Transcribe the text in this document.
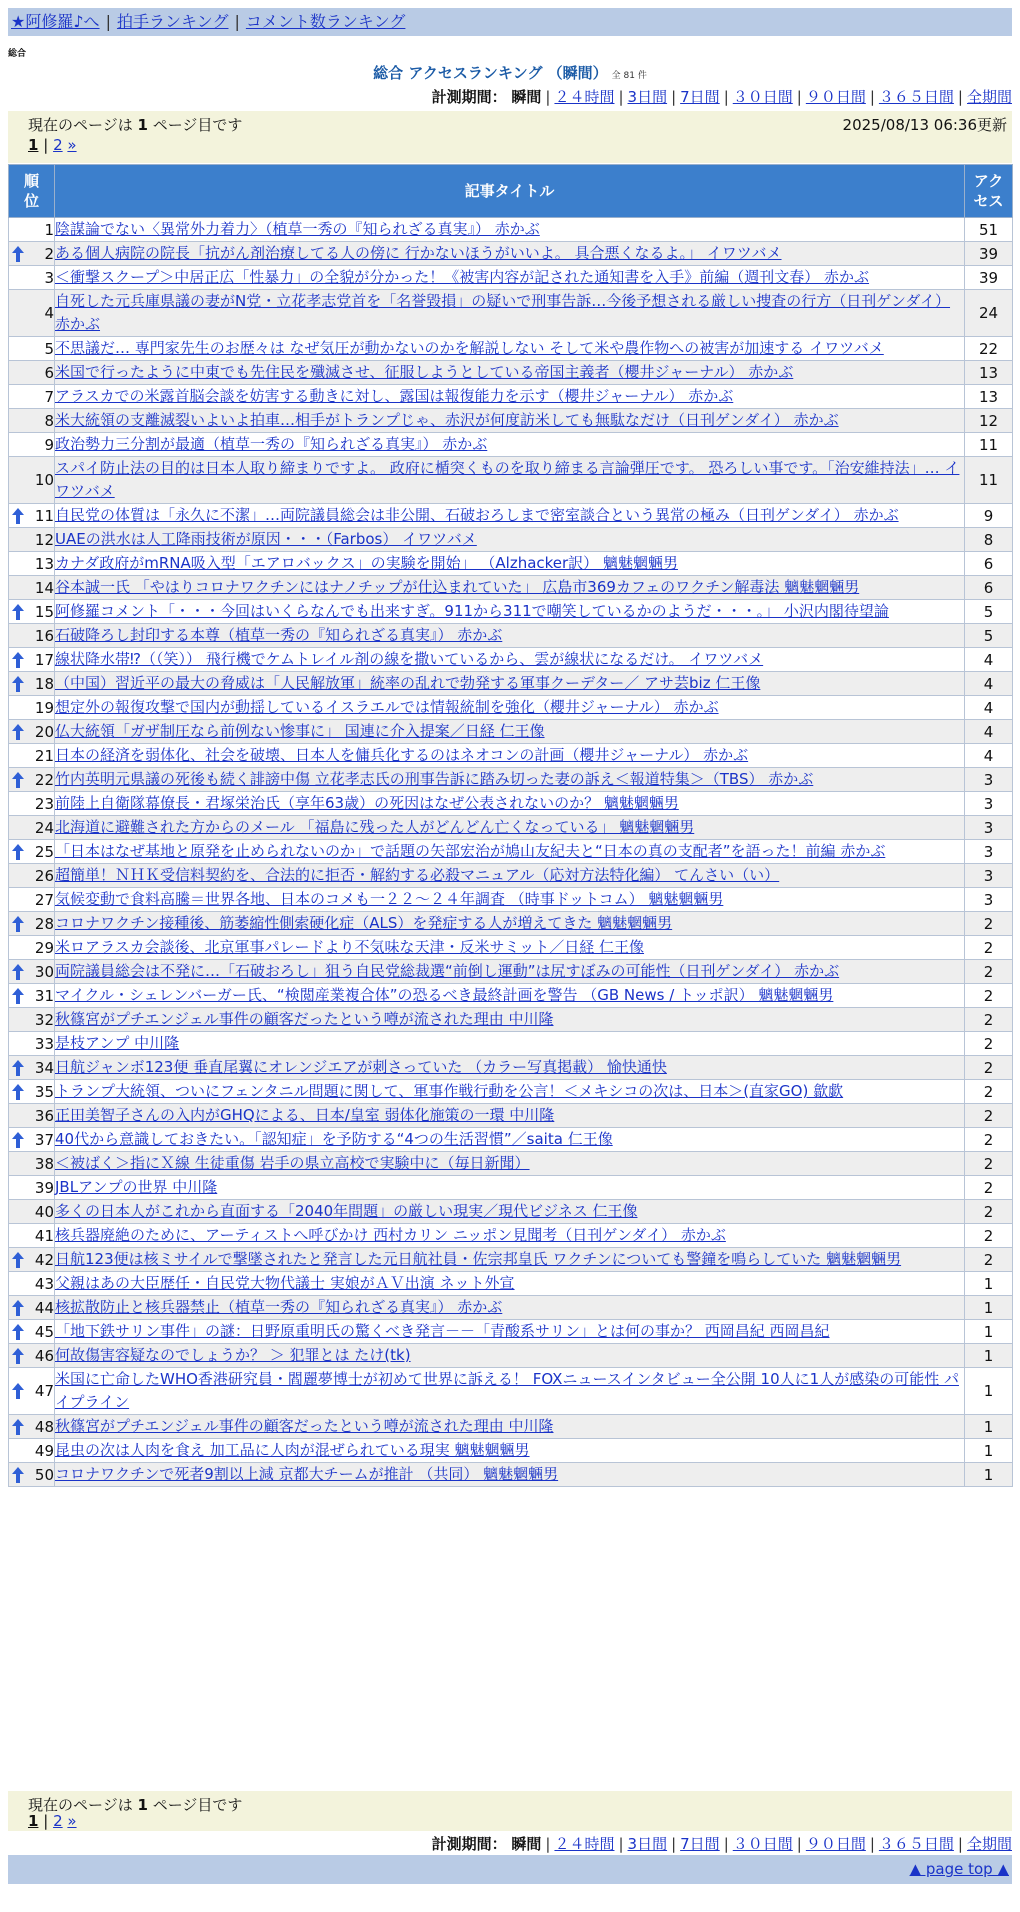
★阿修羅♪へ | 拍手ランキング | コメント数ランキング
総合
総合 アクセスランキング （瞬間） 全 81 件
計測期間： 瞬間 | ２４時間 | 3日間 | 7日間 | ３０日間 | ９０日間 | ３６５日間 | 全期間
現在のページは 1 ページ目です	2025/08/13 06:36更新
1 | 2 »
順位	記事タイトル	アクセス
1	陰謀論でない〈異常外力着力〉（植草一秀の『知られざる真実』） 赤かぶ	51

2	ある個人病院の院長「抗がん剤治療してる人の傍に 行かないほうがいいよ。 具合悪くなるよ。」 イワツバメ	39
3	＜衝撃スクープ＞中居正広「性暴力」の全貌が分かった！《被害内容が記された通知書を入手》前編（週刊文春） 赤かぶ	39
4	自死した元兵庫県議の妻がN党・立花孝志党首を「名誉毀損」の疑いで刑事告訴…今後予想される厳しい捜査の行方（日刊ゲンダイ） 赤かぶ	24
5	不思議だ… 専門家先生のお歴々は なぜ気圧が動かないのかを解説しない そして米や農作物への被害が加速する イワツバメ	22
6	米国で行ったように中東でも先住民を殲滅させ、征服しようとしている帝国主義者（櫻井ジャーナル） 赤かぶ	13
7	アラスカでの米露首脳会談を妨害する動きに対し、露国は報復能力を示す（櫻井ジャーナル） 赤かぶ	13
8	米大統領の支離滅裂いよいよ拍車…相手がトランプじゃ、赤沢が何度訪米しても無駄なだけ（日刊ゲンダイ） 赤かぶ	12
9	政治勢力三分割が最適（植草一秀の『知られざる真実』） 赤かぶ	11
10	スパイ防止法の目的は日本人取り締まりですよ。 政府に楯突くものを取り締まる言論弾圧です。 恐ろしい事です。「治安維持法」… イワツバメ	11

11	自民党の体質は「永久に不潔」…両院議員総会は非公開、石破おろしまで密室談合という異常の極み（日刊ゲンダイ） 赤かぶ	9
12	UAEの洪水は人工降雨技術が原因・・・（Farbos） イワツバメ	8
13	カナダ政府がmRNA吸入型「エアロバックス」の実験を開始」 （Alzhacker訳） 魑魅魍魎男	6
14	谷本誠一氏 「やはりコロナワクチンにはナノチップが仕込まれていた」 広島市369カフェのワクチン解毒法 魑魅魍魎男	6

15	阿修羅コメント「・・・今回はいくらなんでも出来すぎ。911から311で嘲笑しているかのようだ・・・。」 小沢内閣待望論	5
16	石破降ろし封印する本尊（植草一秀の『知られざる真実』） 赤かぶ	5

17	線状降水帯⁉（（笑）） 飛行機でケムトレイル剤の線を撒いているから、雲が線状になるだけ。 イワツバメ	4

18	（中国）習近平の最大の脅威は「人民解放軍」統率の乱れで勃発する軍事クーデター／ アサ芸biz 仁王像	4
19	想定外の報復攻撃で国内が動揺しているイスラエルでは情報統制を強化（櫻井ジャーナル） 赤かぶ	4

20	仏大統領「ガザ制圧なら前例ない惨事に」 国連に介入提案／日経 仁王像	4
21	日本の経済を弱体化、社会を破壊、日本人を傭兵化するのはネオコンの計画（櫻井ジャーナル） 赤かぶ	4

22	竹内英明元県議の死後も続く誹謗中傷 立花孝志氏の刑事告訴に踏み切った妻の訴え＜報道特集＞（TBS） 赤かぶ	3
23	前陸上自衛隊幕僚長・君塚栄治氏（享年63歳）の死因はなぜ公表されないのか？ 魑魅魍魎男	3
24	北海道に避難された方からのメール 「福島に残った人がどんどん亡くなっている」 魑魅魍魎男	3

25	「日本はなぜ基地と原発を止められないのか」で話題の矢部宏治が鳩山友紀夫と“日本の真の支配者”を語った！前編 赤かぶ	3
26	超簡単！ＮＨＫ受信料契約を、合法的に拒否・解約する必殺マニュアル（応対方法特化編） てんさい（い）	3
27	気候変動で食料高騰＝世界各地、日本のコメも一２２～２４年調査 （時事ドットコム） 魑魅魍魎男	3

28	コロナワクチン接種後、筋萎縮性側索硬化症（ALS）を発症する人が増えてきた 魑魅魍魎男	2
29	米ロアラスカ会談後、北京軍事パレードより不気味な天津・反米サミット／日経 仁王像	2

30	両院議員総会は不発に…「石破おろし」狙う自民党総裁選“前倒し運動”は尻すぼみの可能性（日刊ゲンダイ） 赤かぶ	2

31	マイクル・シェレンバーガー氏、“検閲産業複合体”の恐るべき最終計画を警告 （GB News / トッポ訳） 魑魅魍魎男	2
32	秋篠宮がプチエンジェル事件の顧客だったという噂が流された理由 中川隆	2
33	是枝アンプ 中川隆	2

34	日航ジャンボ123便 垂直尾翼にオレンジエアが刺さっていた （カラー写真掲載） 愉快通快	2

35	トランプ大統領、ついにフェンタニル問題に関して、軍事作戦行動を公言！＜メキシコの次は、日本＞(直家GO) 歙歔	2
36	正田美智子さんの入内がGHQによる、日本/皇室 弱体化施策の一環 中川隆	2

37	40代から意識しておきたい。「認知症」を予防する“4つの生活習慣”／saita 仁王像	2
38	＜被ばく＞指にＸ線 生徒重傷 岩手の県立高校で実験中に（毎日新聞）	2
39	JBLアンプの世界 中川隆	2
40	多くの日本人がこれから直面する「2040年問題」の厳しい現実／現代ビジネス 仁王像	2
41	核兵器廃絶のために、アーティストへ呼びかけ 西村カリン ニッポン見聞考（日刊ゲンダイ） 赤かぶ	2

42	日航123便は核ミサイルで撃墜されたと発言した元日航社員・佐宗邦皇氏 ワクチンについても警鐘を鳴らしていた 魑魅魍魎男	2
43	父親はあの大臣歴任・自民党大物代議士 実娘がＡＶ出演 ネット外宣	1

44	核拡散防止と核兵器禁止（植草一秀の『知られざる真実』） 赤かぶ	1

45	「地下鉄サリン事件」の謎：日野原重明氏の驚くべき発言－－「青酸系サリン」とは何の事か？ 西岡昌紀 西岡昌紀	1

46	何故傷害容疑なのでしょうか？ ＞ 犯罪とは たけ(tk)	1

47	米国に亡命したWHO香港研究員・閻麗夢博士が初めて世界に訴える！ FOXニュースインタビュー全公開 10人に1人が感染の可能性 パイプライン	1

48	秋篠宮がプチエンジェル事件の顧客だったという噂が流された理由 中川隆	1
49	昆虫の次は人肉を食え 加工品に人肉が混ぜられている現実 魑魅魍魎男	1

50	コロナワクチンで死者9割以上減 京都大チームが推計 （共同） 魑魅魍魎男	1
現在のページは 1 ページ目です
1 | 2 »
計測期間： 瞬間 | ２４時間 | 3日間 | 7日間 | ３０日間 | ９０日間 | ３６５日間 | 全期間
▲ page top ▲
